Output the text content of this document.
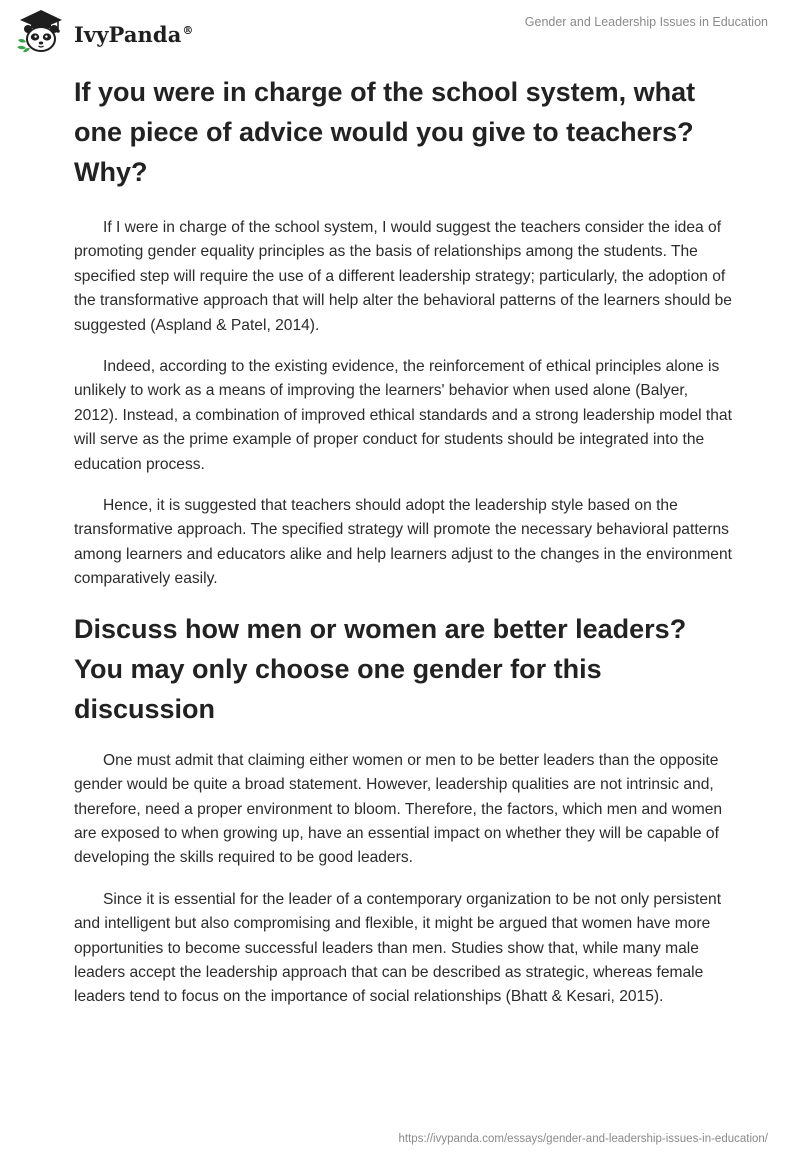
IvyPanda®
Gender and Leadership Issues in Education
If you were in charge of the school system, what one piece of advice would you give to teachers? Why?

If I were in charge of the school system, I would suggest the teachers consider the idea of promoting gender equality principles as the basis of relationships among the students. The specified step will require the use of a different leadership strategy; particularly, the adoption of the transformative approach that will help alter the behavioral patterns of the learners should be suggested (Aspland & Patel, 2014).

Indeed, according to the existing evidence, the reinforcement of ethical principles alone is unlikely to work as a means of improving the learners' behavior when used alone (Balyer, 2012). Instead, a combination of improved ethical standards and a strong leadership model that will serve as the prime example of proper conduct for students should be integrated into the education process.

Hence, it is suggested that teachers should adopt the leadership style based on the transformative approach. The specified strategy will promote the necessary behavioral patterns among learners and educators alike and help learners adjust to the changes in the environment comparatively easily.

Discuss how men or women are better leaders? You may only choose one gender for this discussion

One must admit that claiming either women or men to be better leaders than the opposite gender would be quite a broad statement. However, leadership qualities are not intrinsic and, therefore, need a proper environment to bloom. Therefore, the factors, which men and women are exposed to when growing up, have an essential impact on whether they will be capable of developing the skills required to be good leaders.

Since it is essential for the leader of a contemporary organization to be not only persistent and intelligent but also compromising and flexible, it might be argued that women have more opportunities to become successful leaders than men. Studies show that, while many male leaders accept the leadership approach that can be described as strategic, whereas female leaders tend to focus on the importance of social relationships (Bhatt & Kesari, 2015).

https://ivypanda.com/essays/gender-and-leadership-issues-in-education/
